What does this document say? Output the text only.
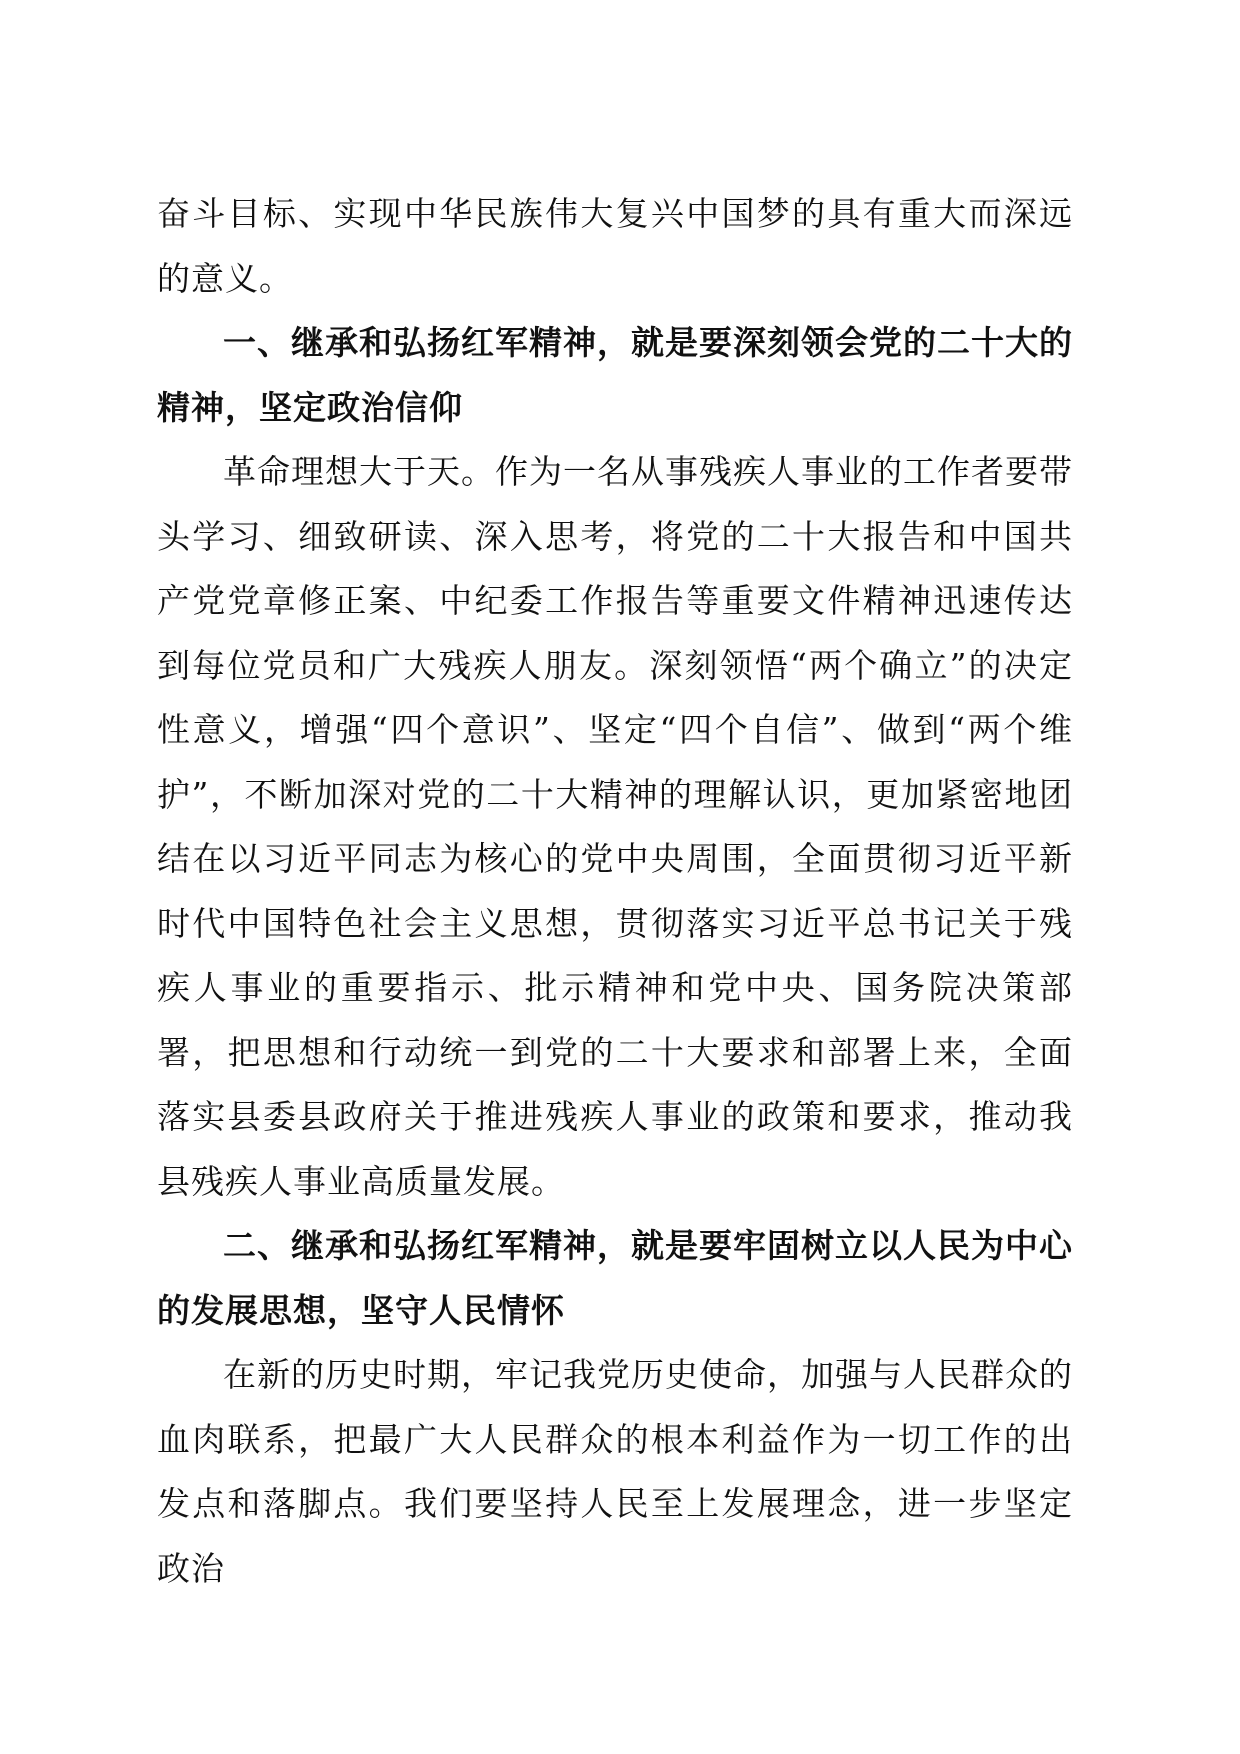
奋斗目标、实现中华民族伟大复兴中国梦的具有重大而深远的意义。

一、继承和弘扬红军精神，就是要深刻领会党的二十大的精神，坚定政治信仰

革命理想大于天。作为一名从事残疾人事业的工作者要带头学习、细致研读、深入思考，将党的二十大报告和中国共产党党章修正案、中纪委工作报告等重要文件精神迅速传达到每位党员和广大残疾人朋友。深刻领悟“两个确立”的决定性意义，增强“四个意识”、坚定“四个自信”、做到“两个维护”，不断加深对党的二十大精神的理解认识，更加紧密地团结在以习近平同志为核心的党中央周围，全面贯彻习近平新时代中国特色社会主义思想，贯彻落实习近平总书记关于残疾人事业的重要指示、批示精神和党中央、国务院决策部署，把思想和行动统一到党的二十大要求和部署上来，全面落实县委县政府关于推进残疾人事业的政策和要求，推动我县残疾人事业高质量发展。

二、继承和弘扬红军精神，就是要牢固树立以人民为中心的发展思想，坚守人民情怀

在新的历史时期，牢记我党历史使命，加强与人民群众的血肉联系，把最广大人民群众的根本利益作为一切工作的出发点和落脚点。我们要坚持人民至上发展理念，进一步坚定政治
